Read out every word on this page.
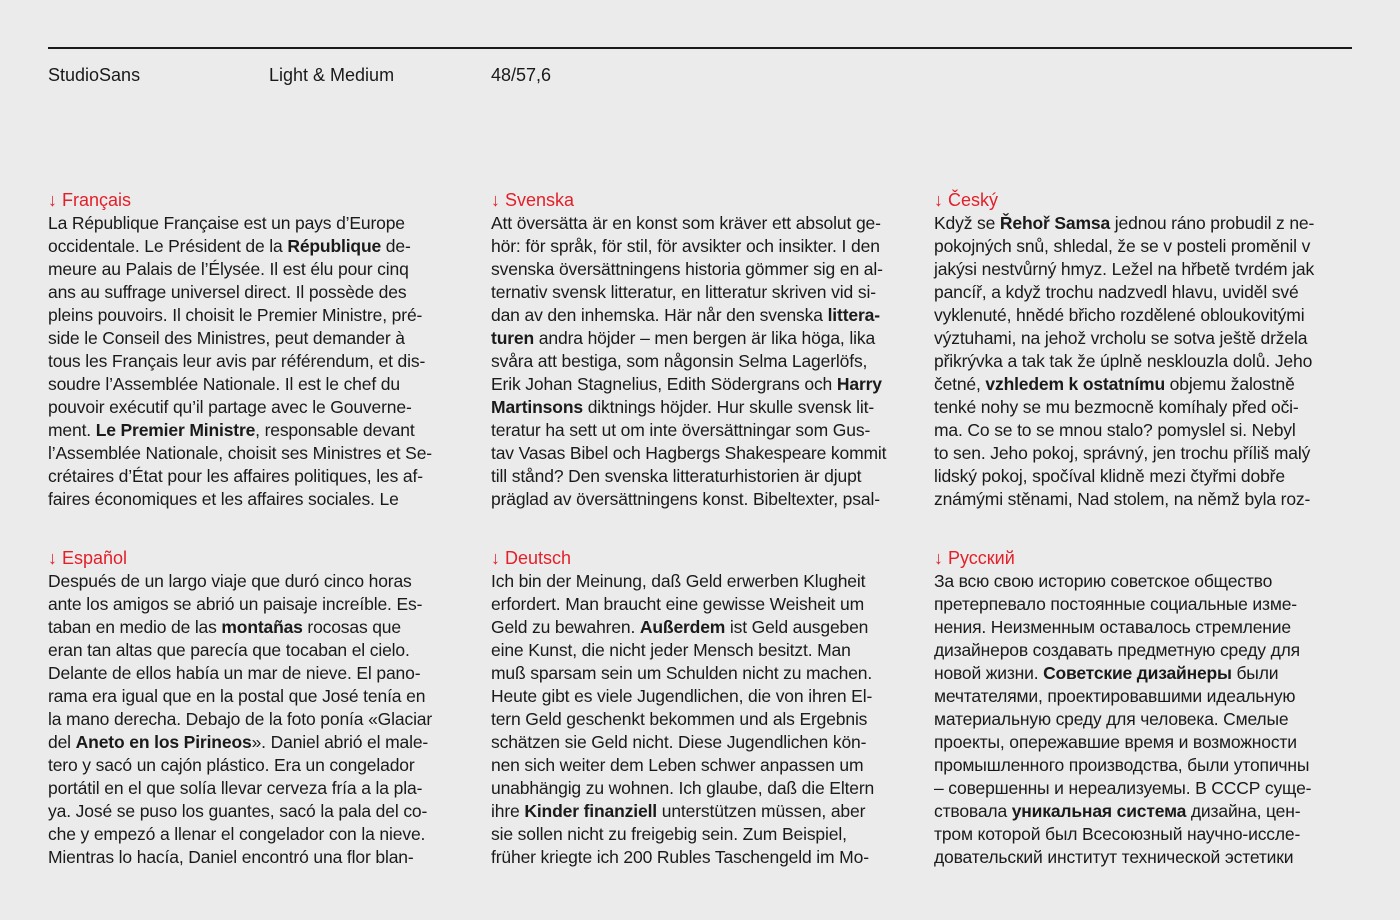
StudioSans	Light & Medium	48/57,6
↓ Français
La République Française est un pays d’Europe
occidentale. Le Président de la République de-
meure au Palais de l’Élysée. Il est élu pour cinq
ans au suffrage universel direct. Il possède des
pleins pouvoirs. Il choisit le Premier Ministre, pré-
side le Conseil des Ministres, peut demander à
tous les Français leur avis par référendum, et dis-
soudre l’Assemblée Nationale. Il est le chef du
pouvoir exécutif qu’il partage avec le Gouverne-
ment. Le Premier Ministre, responsable devant
l’Assemblée Nationale, choisit ses Ministres et Se-
crétaires d’État pour les affaires politiques, les af-
faires économiques et les affaires sociales. Le
↓ Svenska
Att översätta är en konst som kräver ett absolut ge-
hör: för språk, för stil, för avsikter och insikter. I den
svenska översättningens historia gömmer sig en al-
ternativ svensk litteratur, en litteratur skriven vid si-
dan av den inhemska. Här når den svenska littera-
turen andra höjder – men bergen är lika höga, lika
svåra att bestiga, som någonsin Selma Lagerlöfs,
Erik Johan Stagnelius, Edith Södergrans och Harry
Martinsons diktnings höjder. Hur skulle svensk lit-
teratur ha sett ut om inte översättningar som Gus-
tav Vasas Bibel och Hagbergs Shakespeare kommit
till stånd? Den svenska litteraturhistorien är djupt
präglad av översättningens konst. Bibeltexter, psal-
↓ Český
Když se Řehoř Samsa jednou ráno probudil z ne-
pokojných snů, shledal, že se v posteli proměnil v
jakýsi nestvůrný hmyz. Ležel na hřbetě tvrdém jak
pancíř, a když trochu nadzvedl hlavu, uviděl své
vyklenuté, hnědé břicho rozdělené obloukovitými
výztuhami, na jehož vrcholu se sotva ještě držela
přikrývka a tak tak že úplně nesklouzla dolů. Jeho
četné, vzhledem k ostatnímu objemu žalostně
tenké nohy se mu bezmocně komíhaly před oči-
ma. Co se to se mnou stalo? pomyslel si. Nebyl
to sen. Jeho pokoj, správný, jen trochu příliš malý
lidský pokoj, spočíval klidně mezi čtyřmi dobře
známými stěnami, Nad stolem, na němž byla roz-
↓ Español
Después de un largo viaje que duró cinco horas
ante los amigos se abrió un paisaje increíble. Es-
taban en medio de las montañas rocosas que
eran tan altas que parecía que tocaban el cielo.
Delante de ellos había un mar de nieve. El pano-
rama era igual que en la postal que José tenía en
la mano derecha. Debajo de la foto ponía «Glaciar
del Aneto en los Pirineos». Daniel abrió el male-
tero y sacó un cajón plástico. Era un congelador
portátil en el que solía llevar cerveza fría a la pla-
ya. José se puso los guantes, sacó la pala del co-
che y empezó a llenar el congelador con la nieve.
Mientras lo hacía, Daniel encontró una flor blan-
↓ Deutsch
Ich bin der Meinung, daß Geld erwerben Klugheit
erfordert. Man braucht eine gewisse Weisheit um
Geld zu bewahren. Außerdem ist Geld ausgeben
eine Kunst, die nicht jeder Mensch besitzt. Man
muß sparsam sein um Schulden nicht zu machen.
Heute gibt es viele Jugendlichen, die von ihren El-
tern Geld geschenkt bekommen und als Ergebnis
schätzen sie Geld nicht. Diese Jugendlichen kön-
nen sich weiter dem Leben schwer anpassen um
unabhängig zu wohnen. Ich glaube, daß die Eltern
ihre Kinder finanziell unterstützen müssen, aber
sie sollen nicht zu freigebig sein. Zum Beispiel,
früher kriegte ich 200 Rubles Taschengeld im Mo-
↓ Русский
За всю свою историю советское общество
претерпевало постоянные социальные изме-
нения. Неизменным оставалось стремление
дизайнеров создавать предметную среду для
новой жизни. Советские дизайнеры были
мечтателями, проектировавшими идеальную
материальную среду для человека. Смелые
проекты, опережавшие время и возможности
промышленного производства, были утопичны
– совершенны и нереализуемы. В СССР суще-
ствовала уникальная система дизайна, цен-
тром которой был Всесоюзный научно-иссле-
довательский институт технической эстетики
